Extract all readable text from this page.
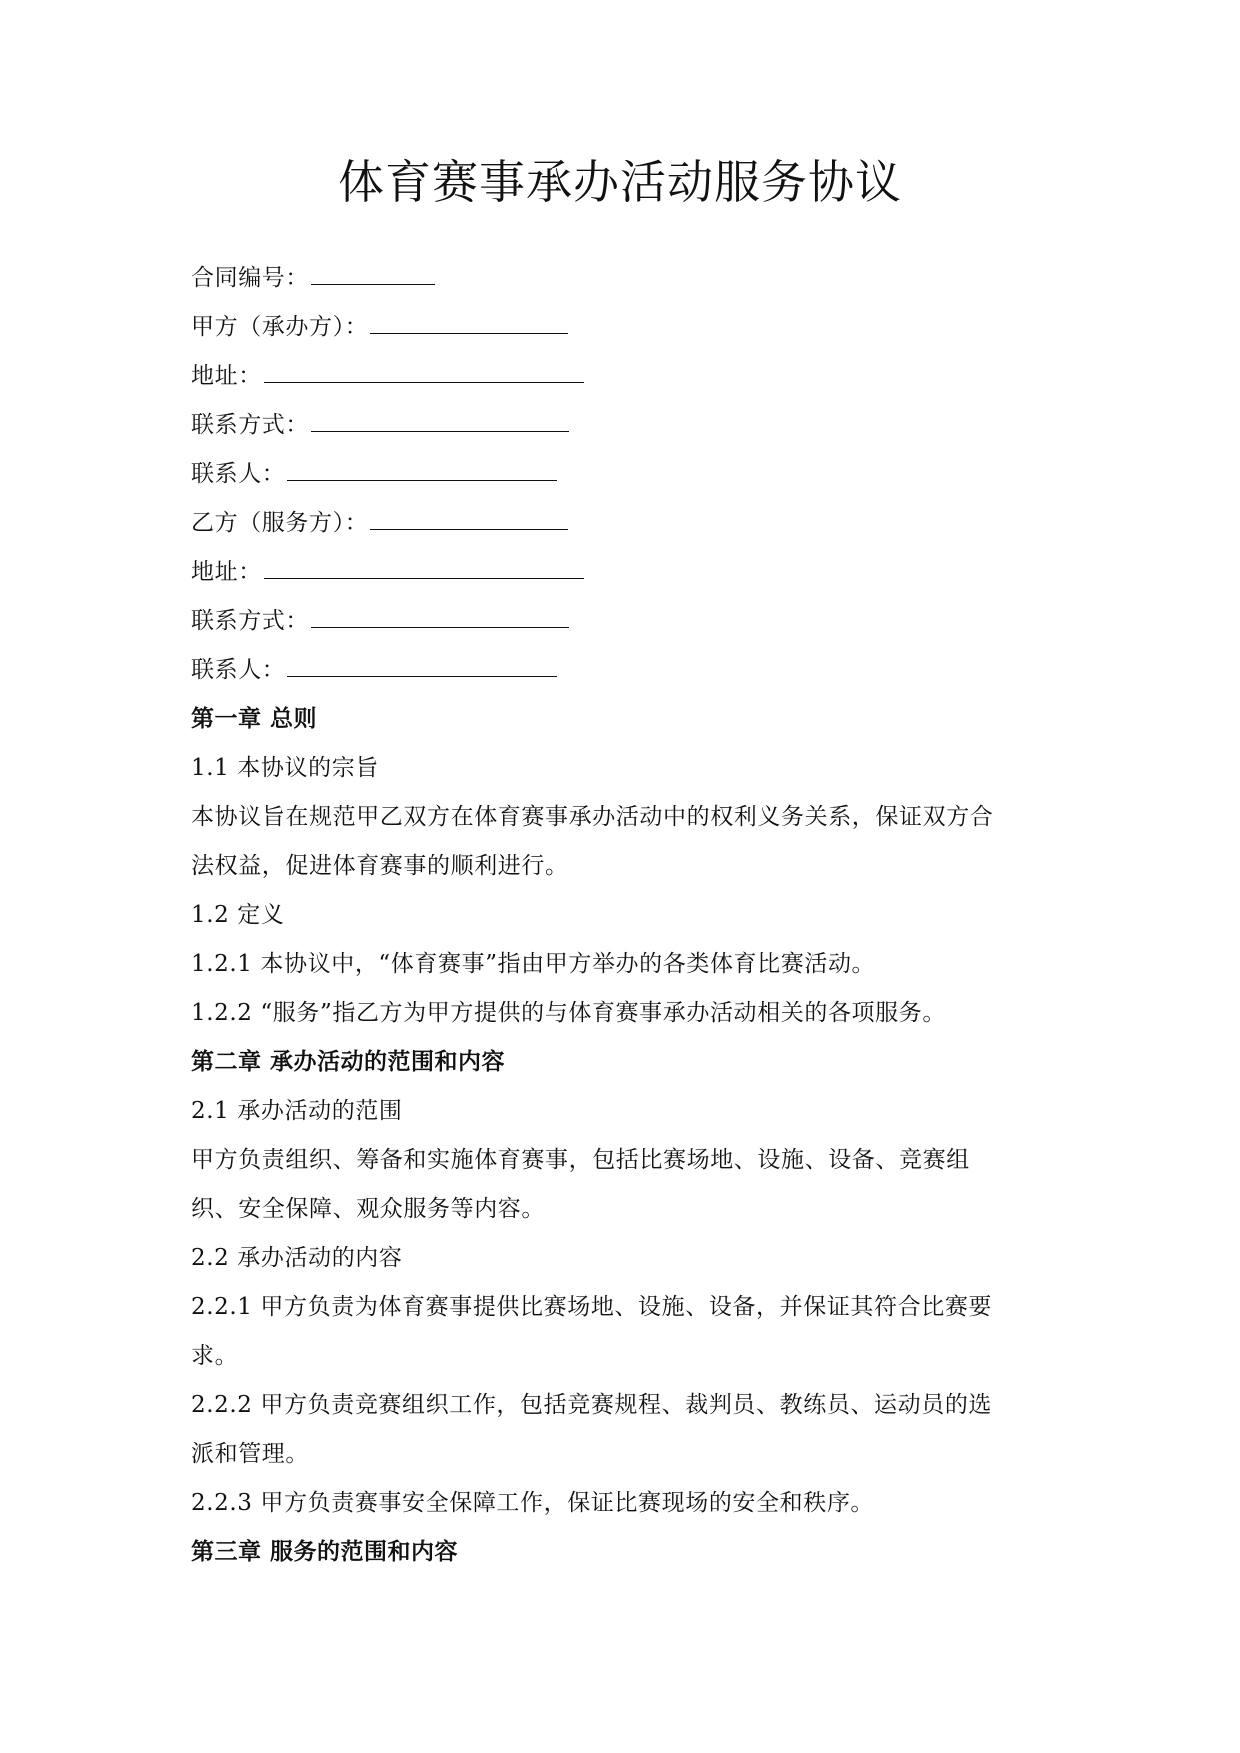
体育赛事承办活动服务协议
合同编号：
甲方（承办方）：
地址：
联系方式：
联系人：
乙方（服务方）：
地址：
联系方式：
联系人：
第一章 总则
1.1 本协议的宗旨
本协议旨在规范甲乙双方在体育赛事承办活动中的权利义务关系，保证双方合
法权益，促进体育赛事的顺利进行。
1.2 定义
1.2.1 本协议中，“体育赛事”指由甲方举办的各类体育比赛活动。
1.2.2 “服务”指乙方为甲方提供的与体育赛事承办活动相关的各项服务。
第二章 承办活动的范围和内容
2.1 承办活动的范围
甲方负责组织、筹备和实施体育赛事，包括比赛场地、设施、设备、竞赛组
织、安全保障、观众服务等内容。
2.2 承办活动的内容
2.2.1 甲方负责为体育赛事提供比赛场地、设施、设备，并保证其符合比赛要
求。
2.2.2 甲方负责竞赛组织工作，包括竞赛规程、裁判员、教练员、运动员的选
派和管理。
2.2.3 甲方负责赛事安全保障工作，保证比赛现场的安全和秩序。
第三章 服务的范围和内容
